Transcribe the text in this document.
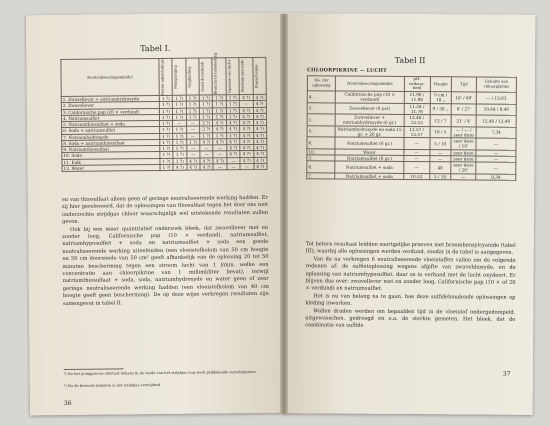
Tabel I.
Neutraliseeringsmiddel	Boven-ademhalings-	Maagzinging	Oogbinding	Goed doordrenk	Bronchi-troosbelasting	Opname van lucht	Natrium-peroxide	Kauwchemie-

1. Zwavellever + natriumhydroxyde	1 ?)	1 ?)	1 ?)	1 ?)	1 ?)	1 ?)	4 ?)	4 ?)
2. Zwavellever	1 ?)	1 ?)	1 ?)	1 ?)	1 ?)	1 ?)	—	4 ?)
3. Californische pap (20 × verdund)	1 ?)	1 ?)	1 ?)	1 ?)	1 ?)	1 ?)	4 ?)	4 ?)
4. Natriumsulfiet	1 ?)	1 ?)	1 ?)	1 ?)	1 ?)	1 ?)	4 ?)	4 ?)
5. Natriumthiosulfaat + soda	1 ?)	—	—	2 ?)	4 ?)	4 ?)	4 ?)	4 ?)
6. Soda + natriumsulfiet	1 ?)	1 ?)	—	2 ?)	4 ?)	4 ?)	4 ?)	4 ?)
7. Natriumhydroxyde	1 ?)	1 ?)	—	1 ?)	1 ?)	1 ?)	4 ?)	4 ?)
8. Soda + natriumthiosulfaat	1 ?)	1 ?)	1 ?)	4 ?)	4 ?)	4 ?)	4 ?)	4 ?)
9. Natriumthiosulfaat	1 ?)	1 ?)	—	—	—	4 ?)	4 ?)	4 ?)
10. Soda	1 ?)	1 ?)	—	—	—	4 ?)	4 ?)	4 ?)
11. Kalk	1 ?)	1 ?)	4 ?)	4 ?)	4 ?)	—	4 ?)	4 ?)
12. Water	1 ?)	4 ?)	4 ?)	4 ?)	—	—	—	4 ?)

en van thiosulfaat alleen geen of geringe neutraliseerende werking hadden. Er zij hier gereleveerd, dat de oplossingen van thiosulfaat tegen het door ons niet onderzochte strijdgas chloor waarschijnlijk wel uitstekende resultaten zullen geven.

Ook bij een meer quantitatief onderzoek bleek, dat zwavellever met en zonder loog, Californische pap (10 × verdund), natriumsulfiet, natriumhyposulfiet + soda en natriumsulfiet + soda een goede neutraliseerende werking uitoefenden (een vloeistofkolom van 50 cm hoogte en 50 cm doorsnede van 50 cm² geeft afhankelijk van de oplossing 20 tot 50 minuten bescherming tegen een stroom lucht van 1 l/min. welke een concentratie aan chloorpikrine van 1 milliml/liter bevat), terwijl natriumthiosulfaat + soda, soda, natriumhydroxyde en water geen of zeer geringe neutraliseerende werking hadden (een vloeistofkolom van 40 cm hoogte geeft geen bescherming). De op deze wijze verkregen resultaten zijn samengevat in tabel II.

¹) Na het pompproces ontstaat telkens in de verde van het strijdgas nog sterk prikkelende verschijnselen.
²) Na de bewuste minuten is het strijdgas verwijderd.
36
Tabel II
CHLOORPIKRINE — LUCHT
No. der oplossing	Neutraliseeringsmiddel	pH-vatbaar-heid	Hoogte	Tijd	Gehalte aan chloorpikrine
4.	Californische pap (10 × verdund)	11.98 / 11.98	5 cm / 18 ,,	18' / 60'	— / 13,63
2.	Zwavellever (8 pct)	11.26 / 11.76	9 / 30 ,,	6' / 27'	10,64 / 9,46
1.	Zwavellever + natriumhydroxyde (6 gr.)	12.46 / 12.53	12 / 7	21' / 4'	12,46 / 12,46
5.	Natriumhydroxyde en soda 15 gr. + 20 gr.	12.57 / 12.57	18 / 5	— / — / zeer deze	7,34
6.	Natriumsulfiet (6 gr.)	—	5 / 10	zeer deze / 10'	—
10.	Water	—	—	zeer deze	—
3.	Natriumsulfiet (6 gr.)	—	—	zeer deze	—
8.	Natriumsulfiet + soda	—	48	zeer deze / 20'	—
7.	Natriumsulfiet + soda	10.52	5 / 18	—	9,34

Tot betere resultaat leidden soortgelijke proeven met broombenzylcyanide (tabel III), waarbij alle oplossingen werden verdund, zoodat in de tabel is aangegeven.

Van de nu verkregen 6 neutraliseerende vloeistoffen vallen om de volgende redenen af: de sulfietoplossing wegens afgifte van zwaveldioxyde, en de oplossing van natriumhyposulfiet, daar ze in verband met de lucht oxydeert. Er blijven dus over: zwavellever met en zonder loog, Californische pap (10 × of 20 × verdund) en natriumsulfiet.

Het is nu van belang na te gaan, hoe deze sulfidehoudende oplossingen op kleding inwerken.

Wollen draden werden om bepaalden tijd in de vloeistof ondergedompeld, uitgewasschen, gedroogd en o.a. de sterkte gemeten. Het bleek, dat de combinatie van sulfide

37
